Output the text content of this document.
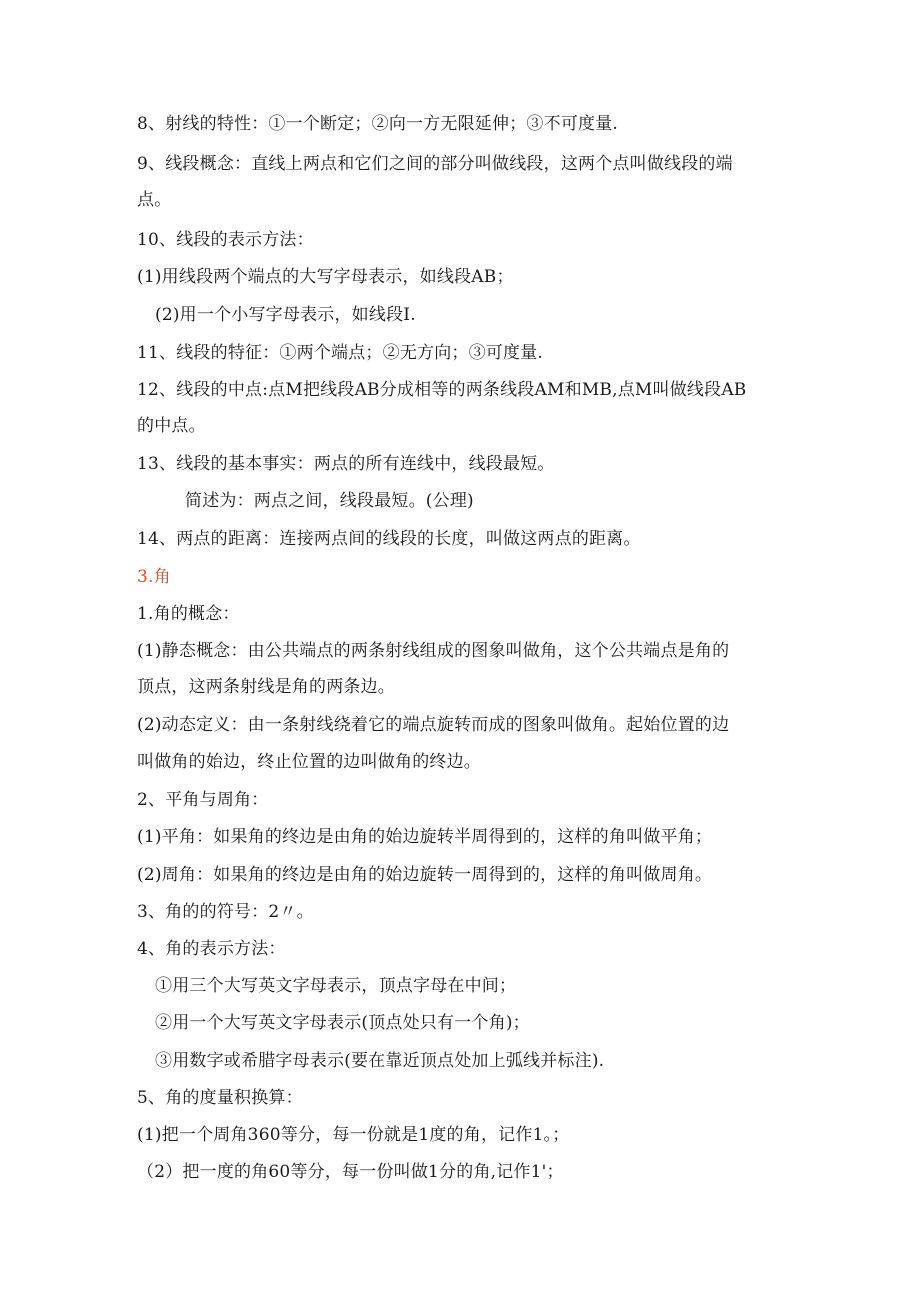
8、射线的特性：①一个断定；②向一方无限延伸；③不可度量.
9、线段概念：直线上两点和它们之间的部分叫做线段，这两个点叫做线段的端
点。
10、线段的表示方法：
(1)用线段两个端点的大写字母表示，如线段AB；
(2)用一个小写字母表示，如线段I.
11、线段的特征：①两个端点；②无方向；③可度量.
12、线段的中点:点M把线段AB分成相等的两条线段AM和MB,点M叫做线段AB
的中点。
13、线段的基本事实：两点的所有连线中，线段最短。
简述为：两点之间，线段最短。(公理)
14、两点的距离：连接两点间的线段的长度，叫做这两点的距离。
3.角
1.角的概念：
(1)静态概念：由公共端点的两条射线组成的图象叫做角，这个公共端点是角的
顶点，这两条射线是角的两条边。
(2)动态定义：由一条射线绕着它的端点旋转而成的图象叫做角。起始位置的边
叫做角的始边，终止位置的边叫做角的终边。
2、平角与周角：
(1)平角：如果角的终边是由角的始边旋转半周得到的，这样的角叫做平角；
(2)周角：如果角的终边是由角的始边旋转一周得到的，这样的角叫做周角。
3、角的的符号：2〃。
4、角的表示方法：
①用三个大写英文字母表示，顶点字母在中间；
②用一个大写英文字母表示(顶点处只有一个角)；
③用数字或希腊字母表示(要在靠近顶点处加上弧线并标注).
5、角的度量积换算：
(1)把一个周角360等分，每一份就是1度的角，记作1。；
（2）把一度的角60等分，每一份叫做1分的角,记作1'；
